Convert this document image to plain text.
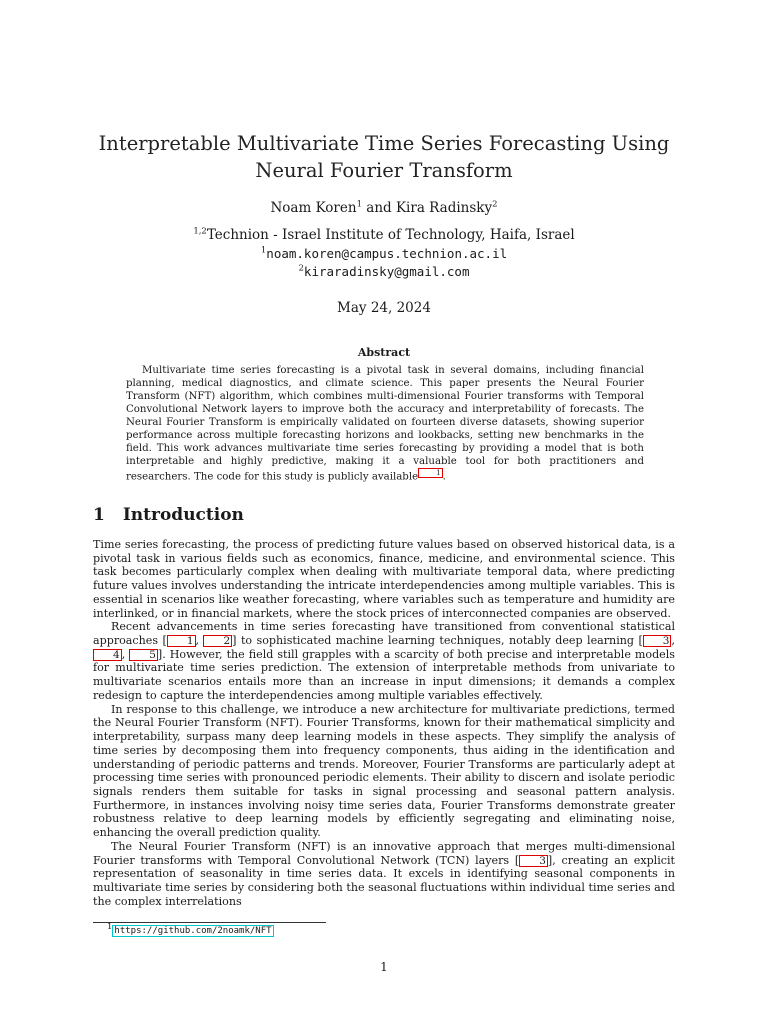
Interpretable Multivariate Time Series Forecasting Using Neural Fourier Transform
Noam Koren$^1$ and Kira Radinsky$^2$
$^{1,2}$Technion - Israel Institute of Technology, Haifa, Israel
$^1$noam.koren@campus.technion.ac.il
$^2$kiraradinsky@gmail.com
May 24, 2024
Abstract
Multivariate time series forecasting is a pivotal task in several domains, including financial planning, medical diagnostics, and climate science. This paper presents the Neural Fourier Transform (NFT) algorithm, which combines multi-dimensional Fourier transforms with Temporal Convolutional Network layers to improve both the accuracy and interpretability of forecasts. The Neural Fourier Transform is empirically validated on fourteen diverse datasets, showing superior performance across multiple forecasting horizons and lookbacks, setting new benchmarks in the field. This work advances multivariate time series forecasting by providing a model that is both interpretable and highly predictive, making it a valuable tool for both practitioners and researchers. The code for this study is publicly available	1 .
1 Introduction

Time series forecasting, the process of predicting future values based on observed historical data, is a pivotal task in various fields such as economics, finance, medicine, and environmental science. This task becomes particularly complex when dealing with multivariate temporal data, where predicting future values involves understanding the intricate interdependencies among multiple variables. This is essential in scenarios like weather forecasting, where variables such as temperature and humidity are interlinked, or in financial markets, where the stock prices of interconnected companies are observed.

Recent advancements in time series forecasting have transitioned from conventional statistical approaches [ 1 , 2 ] to sophisticated machine learning techniques, notably deep learning [ 3 , 4 , 5 ]. However, the field still grapples with a scarcity of both precise and interpretable models for multivariate time series prediction. The extension of interpretable methods from univariate to multivariate scenarios entails more than an increase in input dimensions; it demands a complex redesign to capture the interdependencies among multiple variables effectively.

In response to this challenge, we introduce a new architecture for multivariate predictions, termed the Neural Fourier Transform (NFT). Fourier Transforms, known for their mathematical simplicity and interpretability, surpass many deep learning models in these aspects. They simplify the analysis of time series by decomposing them into frequency components, thus aiding in the identification and understanding of periodic patterns and trends. Moreover, Fourier Transforms are particularly adept at processing time series with pronounced periodic elements. Their ability to discern and isolate periodic signals renders them suitable for tasks in signal processing and seasonal pattern analysis. Furthermore, in instances involving noisy time series data, Fourier Transforms demonstrate greater robustness relative to deep learning models by efficiently segregating and eliminating noise, enhancing the overall prediction quality.

The Neural Fourier Transform (NFT) is an innovative approach that merges multi-dimensional Fourier transforms with Temporal Convolutional Network (TCN) layers [ 3 ], creating an explicit representation of seasonality in time series data. It excels in identifying seasonal components in multivariate time series by considering both the seasonal fluctuations within individual time series and the complex interrelations

$^1$ https://github.com/2noamk/NFT
1
